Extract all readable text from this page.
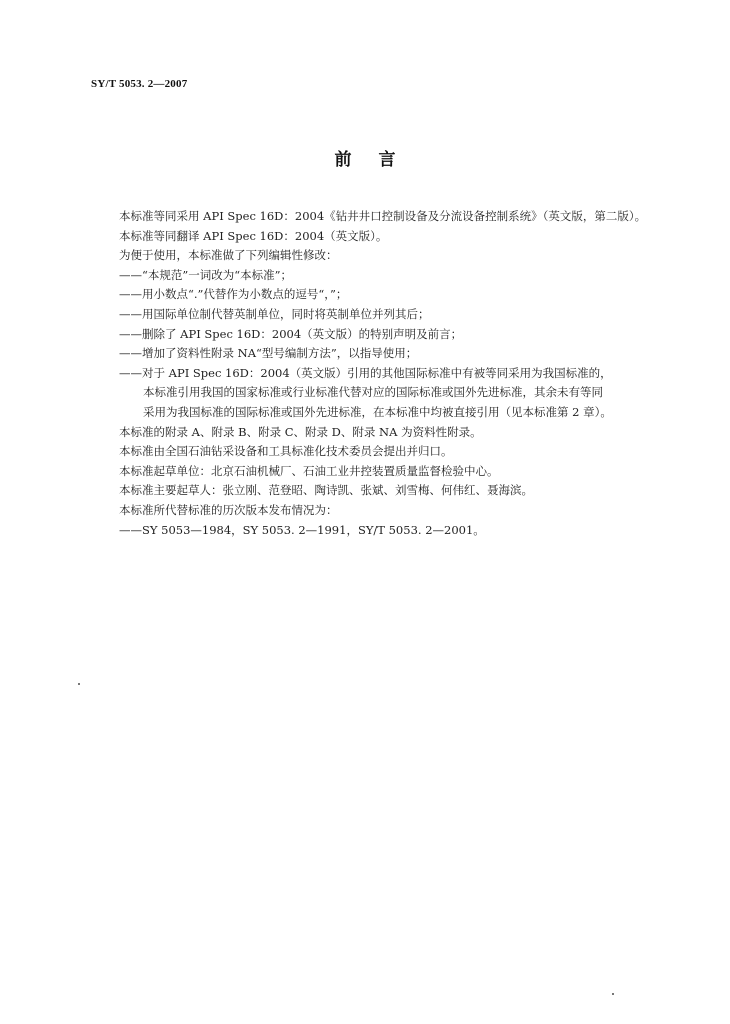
SY/T 5053. 2—2007
前言

本标准等同采用 API Spec 16D：2004《钻井井口控制设备及分流设备控制系统》（英文版，第二版）。

本标准等同翻译 API Spec 16D：2004（英文版）。

为便于使用，本标准做了下列编辑性修改：

——“本规范”一词改为“本标准”；

——用小数点“.”代替作为小数点的逗号“，”；

——用国际单位制代替英制单位，同时将英制单位并列其后；

——删除了 API Spec 16D：2004（英文版）的特别声明及前言；

——增加了资料性附录 NA“型号编制方法”，以指导使用；

——对于 API Spec 16D：2004（英文版）引用的其他国际标准中有被等同采用为我国标准的，

本标准引用我国的国家标准或行业标准代替对应的国际标准或国外先进标准，其余未有等同

采用为我国标准的国际标准或国外先进标准，在本标准中均被直接引用（见本标准第 2 章）。

本标准的附录 A、附录 B、附录 C、附录 D、附录 NA 为资料性附录。

本标准由全国石油钻采设备和工具标准化技术委员会提出并归口。

本标准起草单位：北京石油机械厂、石油工业井控装置质量监督检验中心。

本标准主要起草人：张立刚、范登昭、陶诗凯、张斌、刘雪梅、何伟红、聂海滨。

本标准所代替标准的历次版本发布情况为：

——SY 5053—1984，SY 5053. 2—1991，SY/T 5053. 2—2001。
